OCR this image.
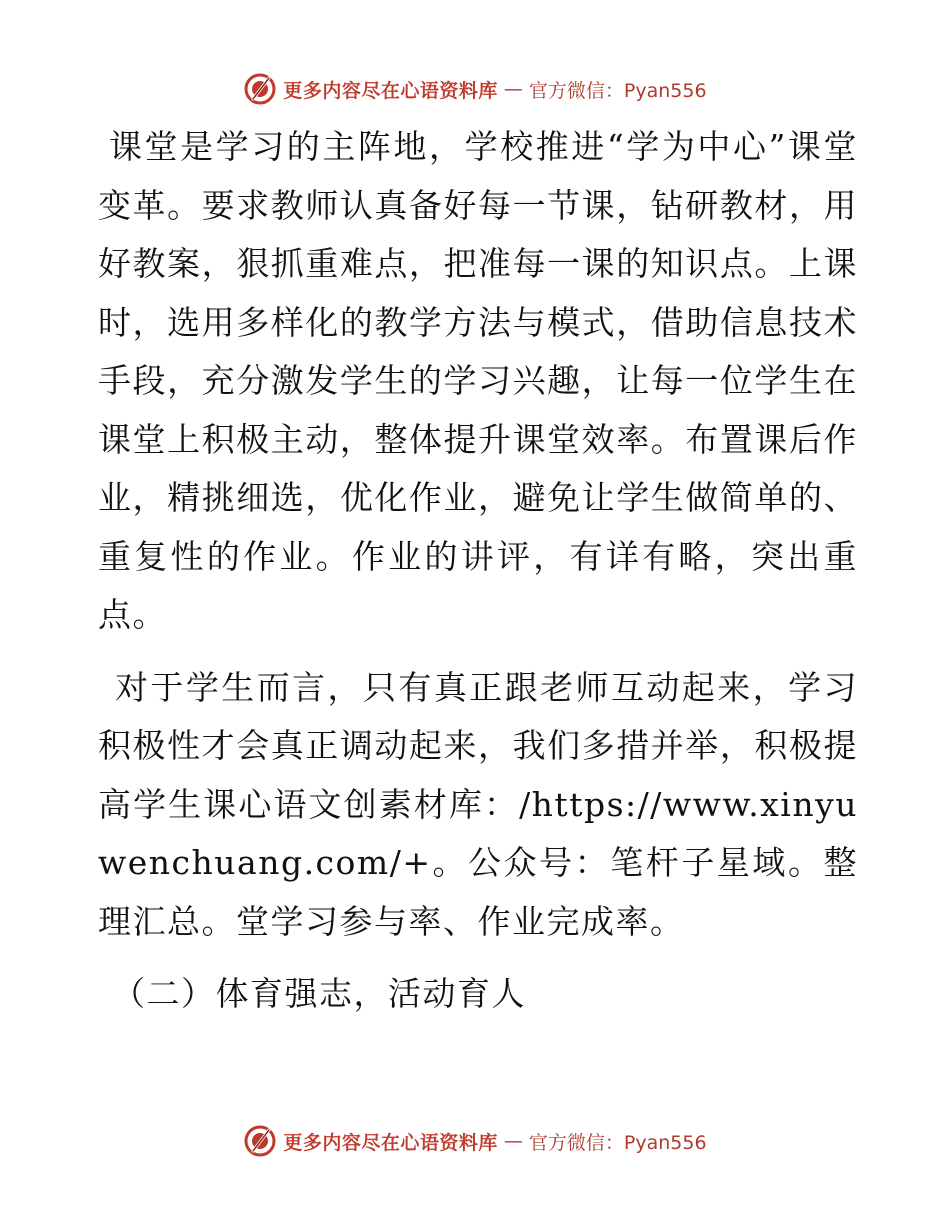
更多内容尽在心语资料库 — 官方微信：Pyan556

课堂是学习的主阵地，学校推进“学为中心”课堂变革。要求教师认真备好每一节课，钻研教材，用好教案，狠抓重难点，把准每一课的知识点。上课时，选用多样化的教学方法与模式，借助信息技术手段，充分激发学生的学习兴趣，让每一位学生在课堂上积极主动，整体提升课堂效率。布置课后作业，精挑细选，优化作业，避免让学生做简单的、重复性的作业。作业的讲评，有详有略，突出重点。

对于学生而言，只有真正跟老师互动起来，学习积极性才会真正调动起来，我们多措并举，积极提高学生课心语文创素材库：/https://www.xinyuwenchuang.com/+。公众号：笔杆子星域。整理汇总。堂学习参与率、作业完成率。

（二）体育强志，活动育人

更多内容尽在心语资料库 — 官方微信：Pyan556
